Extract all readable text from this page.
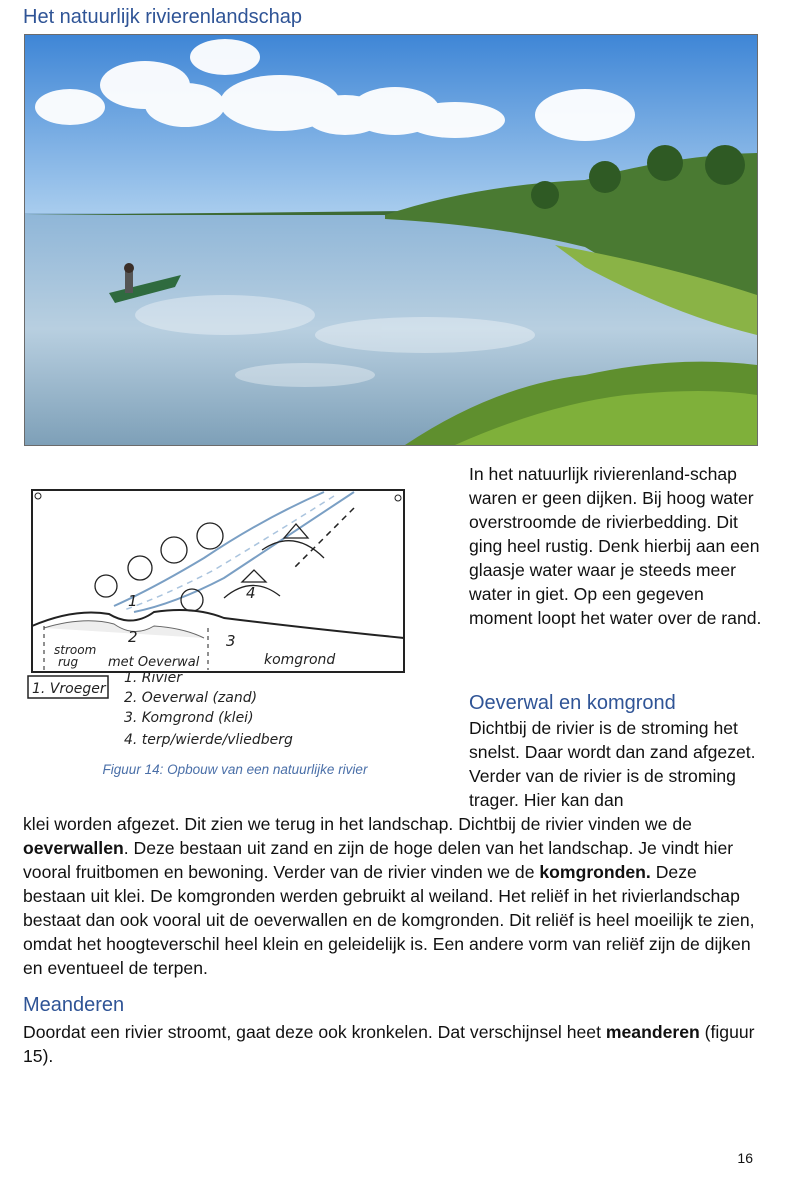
Het natuurlijk rivierenlandschap
1
2	3
4
stroom
rug met Oeverwal	komgrond
1. Vroeger
1. Rivier
2. Oeverwal (zand)
3. Komgrond (klei)
4. terp/wierde/vliedberg

Figuur 14: Opbouw van een natuurlijke rivier

In het natuurlijk rivierenland-schap waren er geen dijken. Bij hoog water overstroomde de rivierbedding. Dit ging heel rustig. Denk hierbij aan een glaasje water waar je steeds meer water in giet. Op een gegeven moment loopt het water over de rand.

Oeverwal en komgrond

Dichtbij de rivier is de stroming het snelst. Daar wordt dan zand afgezet. Verder van de rivier is de stroming trager. Hier kan dan

klei worden afgezet. Dit zien we terug in het landschap. Dichtbij de rivier vinden we de oeverwallen. Deze bestaan uit zand en zijn de hoge delen van het landschap. Je vindt hier vooral fruitbomen en bewoning. Verder van de rivier vinden we de komgronden. Deze bestaan uit klei. De komgronden werden gebruikt al weiland. Het reliëf in het rivierlandschap bestaat dan ook vooral uit de oeverwallen en de komgronden. Dit reliëf is heel moeilijk te zien, omdat het hoogteverschil heel klein en geleidelijk is. Een andere vorm van reliëf zijn de dijken en eventueel de terpen.

Meanderen

Doordat een rivier stroomt, gaat deze ook kronkelen. Dat verschijnsel heet meanderen (figuur 15).

16
